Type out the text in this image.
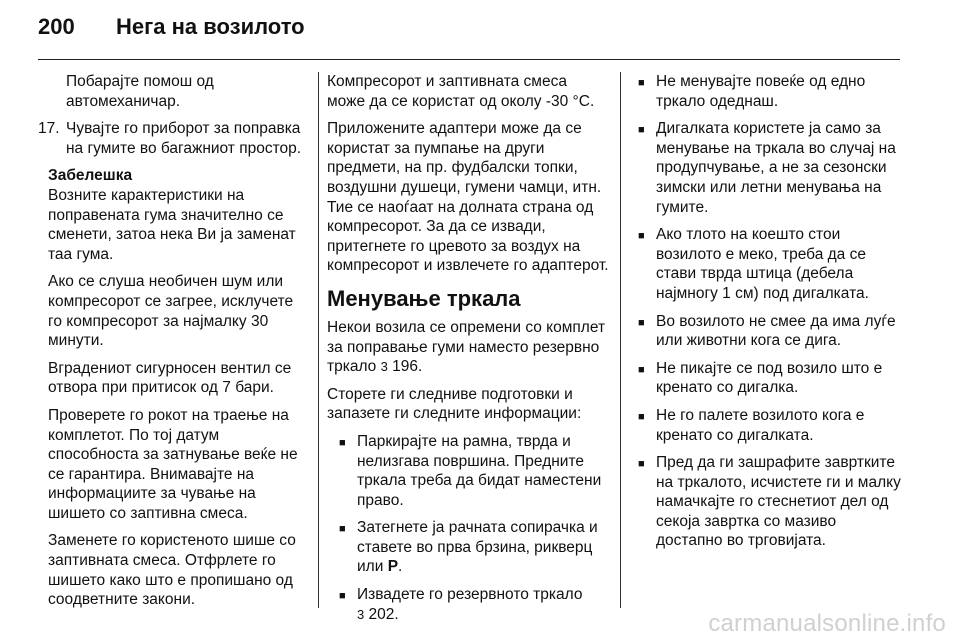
200	Нега на возилото

Побарајте помош од автомеханичар.

17. Чувајте го приборот за поправка на гумите во багажниот простор.

Забелешка

Возните карактеристики на поправената гума значително се сменети, затоа нека Ви ја заменат таа гума.

Ако се слуша необичен шум или компресорот се загрее, исклучете го компресорот за најмалку 30 минути.

Вградениот сигурносен вентил се отвора при притисок од 7 бари.

Проверете го рокот на траење на комплетот. По тој датум способноста за затнување веќе не се гарантира. Внимавајте на информациите за чување на шишето со заптивна смеса.

Заменете го користеното шише со заптивната смеса. Отфрлете го шишето како што е пропишано од соодветните закони.

Компресорот и заптивната смеса може да се користат од околу -30 °C.

Приложените адаптери може да се користат за пумпање на други предмети, на пр. фудбалски топки, воздушни душеци, гумени чамци, итн. Тие се наоѓаат на долната страна од компресорот. За да се извади, притегнете го цревото за воздух на компресорот и извлечете го адаптерот.

Менување тркала

Некои возила се опремени со комплет за поправање гуми наместо резервно тркало 3 196.

Сторете ги следниве подготовки и запазете ги следните информации:

■ Паркирајте на рамна, тврда и нелизгава површина. Предните тркала треба да бидат наместени право.
■ Затегнете ја рачната сопирачка и ставете во прва брзина, рикверц или P.
■ Извадете го резервното тркало
3 202.
■ Не менувајте повеќе од едно тркало одеднаш.
■ Дигалката користете ја само за менување на тркала во случај на продупчување, а не за сезонски зимски или летни менувања на гумите.
■ Ако тлото на коешто стои возилото е меко, треба да се стави тврда штица (дебела најмногу 1 см) под дигалката.
■ Во возилото не смее да има луѓе или животни кога се дига.
■ Не пикајте се под возило што е кренато со дигалка.
■ Не го палете возилото кога е кренато со дигалката.
■ Пред да ги зашрафите завртките на тркалото, исчистете ги и малку намачкајте го стеснетиот дел од секоја завртка со мазиво достапно во трговијата.
carmanualsonline.info
